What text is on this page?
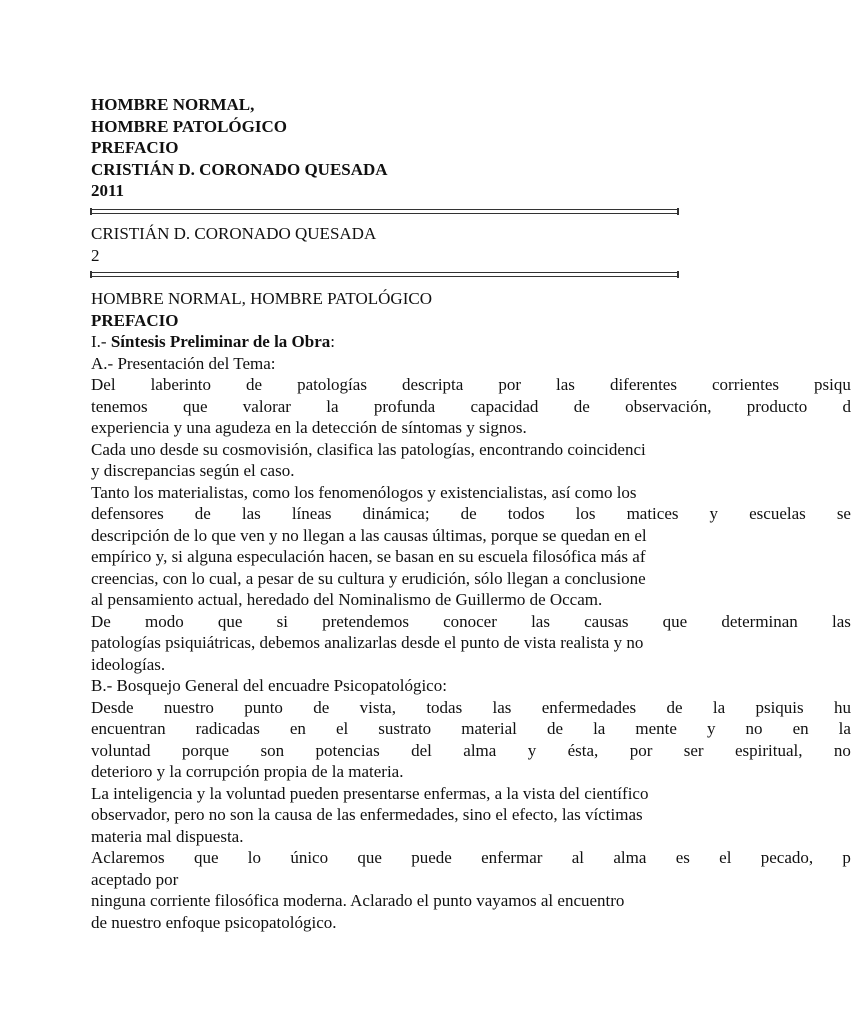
HOMBRE NORMAL,
HOMBRE PATOLÓGICO
PREFACIO
CRISTIÁN D. CORONADO QUESADA
2011
CRISTIÁN D. CORONADO QUESADA
2
HOMBRE NORMAL, HOMBRE PATOLÓGICO
PREFACIO
I.- Síntesis Preliminar de la Obra:
A.- Presentación del Tema:
Del laberinto de patologías descripta por las diferentes corrientes psiqu
tenemos que valorar la profunda capacidad de observación, producto d
experiencia y una agudeza en la detección de síntomas y signos.
Cada uno desde su cosmovisión, clasifica las patologías, encontrando coincidenci
y discrepancias según el caso.
Tanto los materialistas, como los fenomenólogos y existencialistas, así como los
defensores de las líneas dinámica; de todos los matices y escuelas se
descripción de lo que ven y no llegan a las causas últimas, porque se quedan en el
empírico y, si alguna especulación hacen, se basan en su escuela filosófica más af
creencias, con lo cual, a pesar de su cultura y erudición, sólo llegan a conclusione
al pensamiento actual, heredado del Nominalismo de Guillermo de Occam.
De modo que si pretendemos conocer las causas que determinan las
patologías psiquiátricas, debemos analizarlas desde el punto de vista realista y no
ideologías.
B.- Bosquejo General del encuadre Psicopatológico:
Desde nuestro punto de vista, todas las enfermedades de la psiquis hu
encuentran radicadas en el sustrato material de la mente y no en la
voluntad porque son potencias del alma y ésta, por ser espiritual, no
deterioro y la corrupción propia de la materia.
La inteligencia y la voluntad pueden presentarse enfermas, a la vista del científico
observador, pero no son la causa de las enfermedades, sino el efecto, las víctimas
materia mal dispuesta.
Aclaremos que lo único que puede enfermar al alma es el pecado, p
aceptado por
ninguna corriente filosófica moderna. Aclarado el punto vayamos al encuentro
de nuestro enfoque psicopatológico.
